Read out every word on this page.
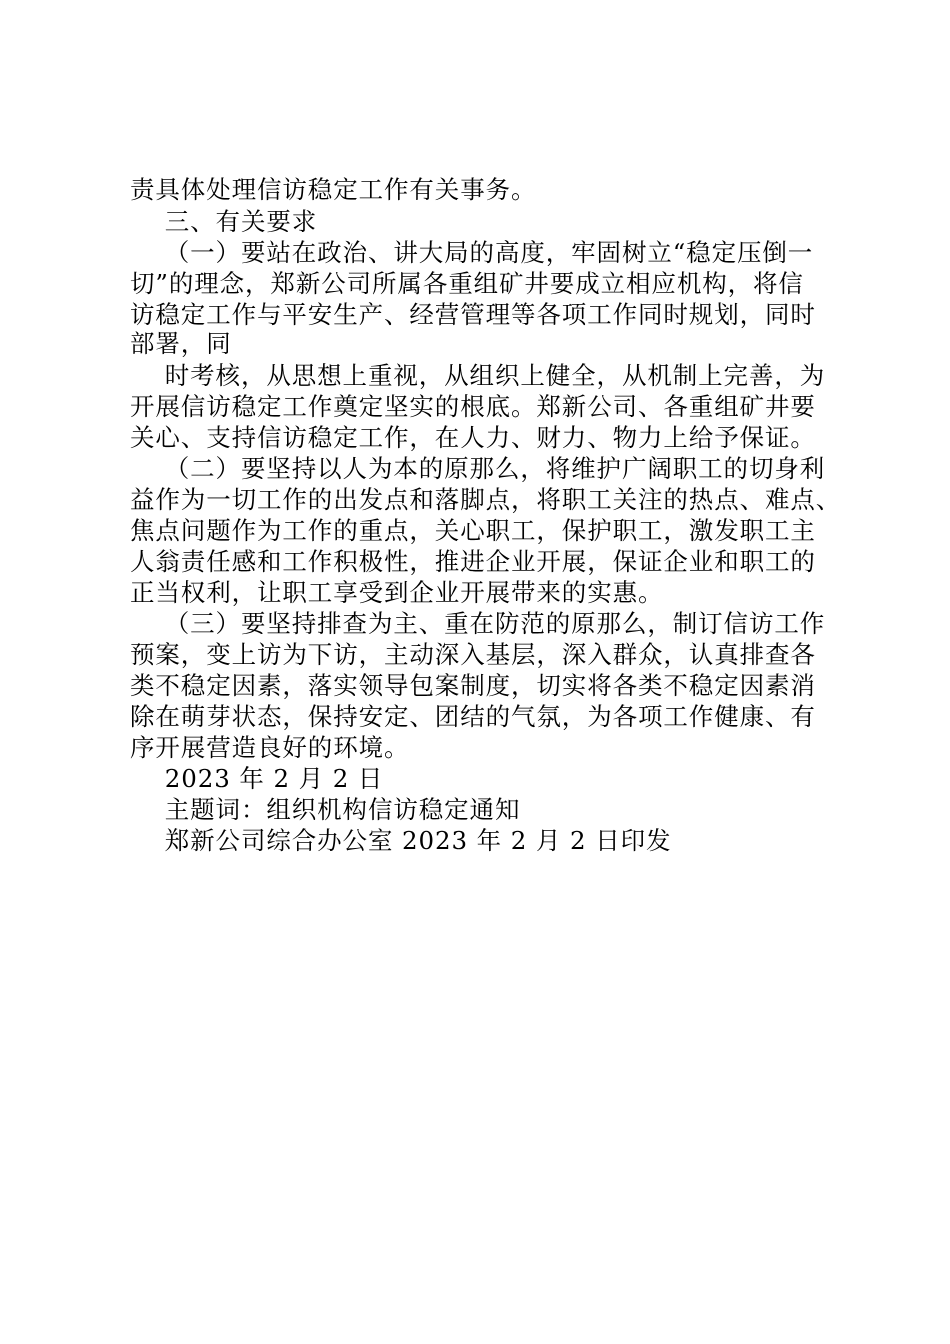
责具体处理信访稳定工作有关事务。
三、有关要求
（一）要站在政治、讲大局的高度，牢固树立“稳定压倒一
切”的理念，郑新公司所属各重组矿井要成立相应机构，将信
访稳定工作与平安生产、经营管理等各项工作同时规划，同时
部署，同
时考核，从思想上重视，从组织上健全，从机制上完善，为
开展信访稳定工作奠定坚实的根底。郑新公司、各重组矿井要
关心、支持信访稳定工作，在人力、财力、物力上给予保证。
（二）要坚持以人为本的原那么，将维护广阔职工的切身利
益作为一切工作的出发点和落脚点，将职工关注的热点、难点、
焦点问题作为工作的重点，关心职工，保护职工，激发职工主
人翁责任感和工作积极性，推进企业开展，保证企业和职工的
正当权利，让职工享受到企业开展带来的实惠。
（三）要坚持排查为主、重在防范的原那么，制订信访工作
预案，变上访为下访，主动深入基层，深入群众，认真排查各
类不稳定因素，落实领导包案制度，切实将各类不稳定因素消
除在萌芽状态，保持安定、团结的气氛，为各项工作健康、有
序开展营造良好的环境。
2023 年 2 月 2 日
主题词：组织机构信访稳定通知
郑新公司综合办公室 2023 年 2 月 2 日印发
